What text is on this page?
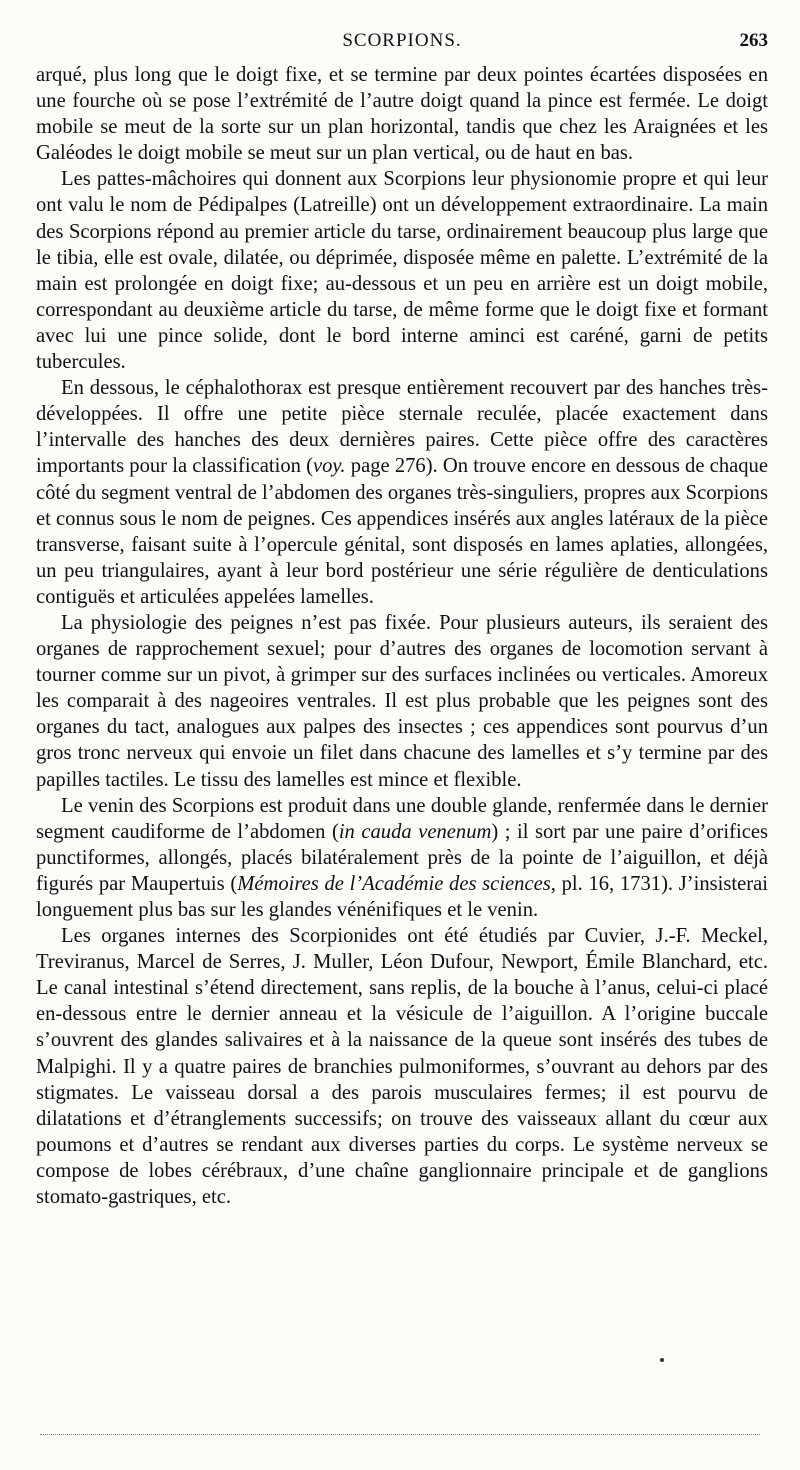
SCORPIONS.	263

arqué, plus long que le doigt fixe, et se termine par deux pointes écartées disposées en une fourche où se pose l’extrémité de l’autre doigt quand la pince est fermée. Le doigt mobile se meut de la sorte sur un plan horizontal, tandis que chez les Araignées et les Galéodes le doigt mobile se meut sur un plan vertical, ou de haut en bas.

Les pattes-mâchoires qui donnent aux Scorpions leur physionomie propre et qui leur ont valu le nom de Pédipalpes (Latreille) ont un développement extraordinaire. La main des Scorpions répond au premier article du tarse, ordinairement beaucoup plus large que le tibia, elle est ovale, dilatée, ou déprimée, disposée même en palette. L’extrémité de la main est prolongée en doigt fixe; au-dessous et un peu en arrière est un doigt mobile, correspondant au deuxième article du tarse, de même forme que le doigt fixe et formant avec lui une pince solide, dont le bord interne aminci est caréné, garni de petits tubercules.

En dessous, le céphalothorax est presque entièrement recouvert par des hanches très-développées. Il offre une petite pièce sternale reculée, placée exactement dans l’intervalle des hanches des deux dernières paires. Cette pièce offre des caractères importants pour la classification (voy. page 276). On trouve encore en dessous de chaque côté du segment ventral de l’abdomen des organes très-singuliers, propres aux Scorpions et connus sous le nom de peignes. Ces appendices insérés aux angles latéraux de la pièce transverse, faisant suite à l’opercule génital, sont disposés en lames aplaties, allongées, un peu triangulaires, ayant à leur bord postérieur une série régulière de denticulations contiguës et articulées appelées lamelles.

La physiologie des peignes n’est pas fixée. Pour plusieurs auteurs, ils seraient des organes de rapprochement sexuel; pour d’autres des organes de locomotion servant à tourner comme sur un pivot, à grimper sur des surfaces inclinées ou verticales. Amoreux les comparait à des nageoires ventrales. Il est plus probable que les peignes sont des organes du tact, analogues aux palpes des insectes ; ces appendices sont pourvus d’un gros tronc nerveux qui envoie un filet dans chacune des lamelles et s’y termine par des papilles tactiles. Le tissu des lamelles est mince et flexible.

Le venin des Scorpions est produit dans une double glande, renfermée dans le dernier segment caudiforme de l’abdomen (in cauda venenum) ; il sort par une paire d’orifices punctiformes, allongés, placés bilatéralement près de la pointe de l’aiguillon, et déjà figurés par Maupertuis (Mémoires de l’Académie des sciences, pl. 16, 1731). J’insisterai longuement plus bas sur les glandes vénénifiques et le venin.

Les organes internes des Scorpionides ont été étudiés par Cuvier, J.-F. Meckel, Treviranus, Marcel de Serres, J. Muller, Léon Dufour, Newport, Émile Blanchard, etc. Le canal intestinal s’étend directement, sans replis, de la bouche à l’anus, celui-ci placé en-dessous entre le dernier anneau et la vésicule de l’aiguillon. A l’origine buccale s’ouvrent des glandes salivaires et à la naissance de la queue sont insérés des tubes de Malpighi. Il y a quatre paires de branchies pulmoniformes, s’ouvrant au dehors par des stigmates. Le vaisseau dorsal a des parois musculaires fermes; il est pourvu de dilatations et d’étranglements successifs; on trouve des vaisseaux allant du cœur aux poumons et d’autres se rendant aux diverses parties du corps. Le système nerveux se compose de lobes cérébraux, d’une chaîne ganglionnaire principale et de ganglions stomato-gastriques, etc.
